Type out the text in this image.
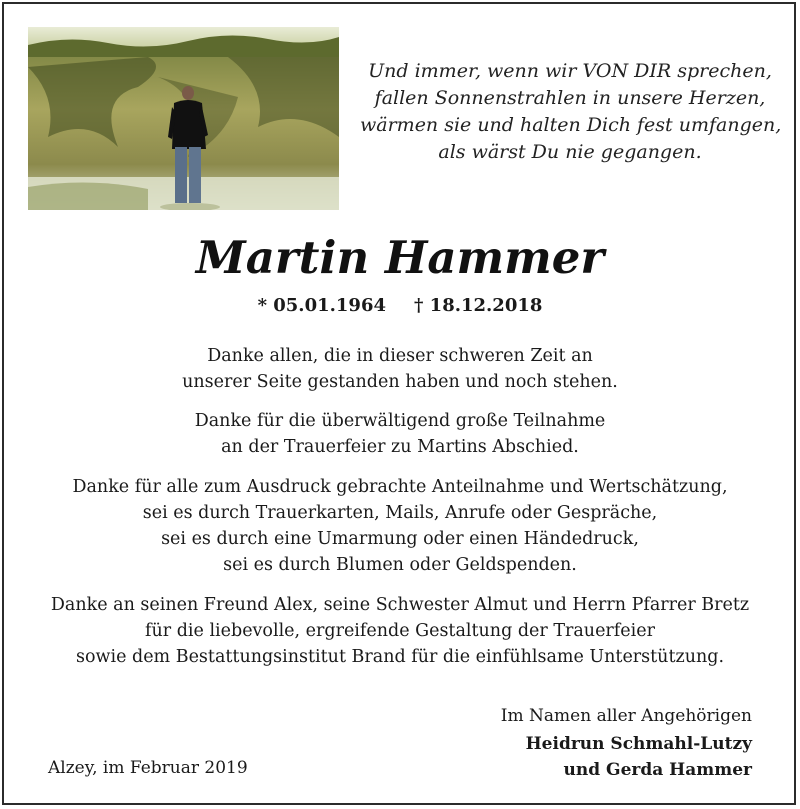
Und immer, wenn wir VON DIR sprechen,
fallen Sonnenstrahlen in unsere Herzen,
wärmen sie und halten Dich fest umfangen,
als wärst Du nie gegangen.
Martin Hammer
* 05.01.1964 † 18.12.2018
Danke allen, die in dieser schweren Zeit an
unserer Seite gestanden haben und noch stehen.
Danke für die überwältigend große Teilnahme
an der Trauerfeier zu Martins Abschied.
Danke für alle zum Ausdruck gebrachte Anteilnahme und Wertschätzung,
sei es durch Trauerkarten, Mails, Anrufe oder Gespräche,
sei es durch eine Umarmung oder einen Händedruck,
sei es durch Blumen oder Geldspenden.
Danke an seinen Freund Alex, seine Schwester Almut und Herrn Pfarrer Bretz
für die liebevolle, ergreifende Gestaltung der Trauerfeier
sowie dem Bestattungsinstitut Brand für die einfühlsame Unterstützung.
Im Namen aller Angehörigen
Heidrun Schmahl-Lutzy
und Gerda Hammer
Alzey, im Februar 2019
